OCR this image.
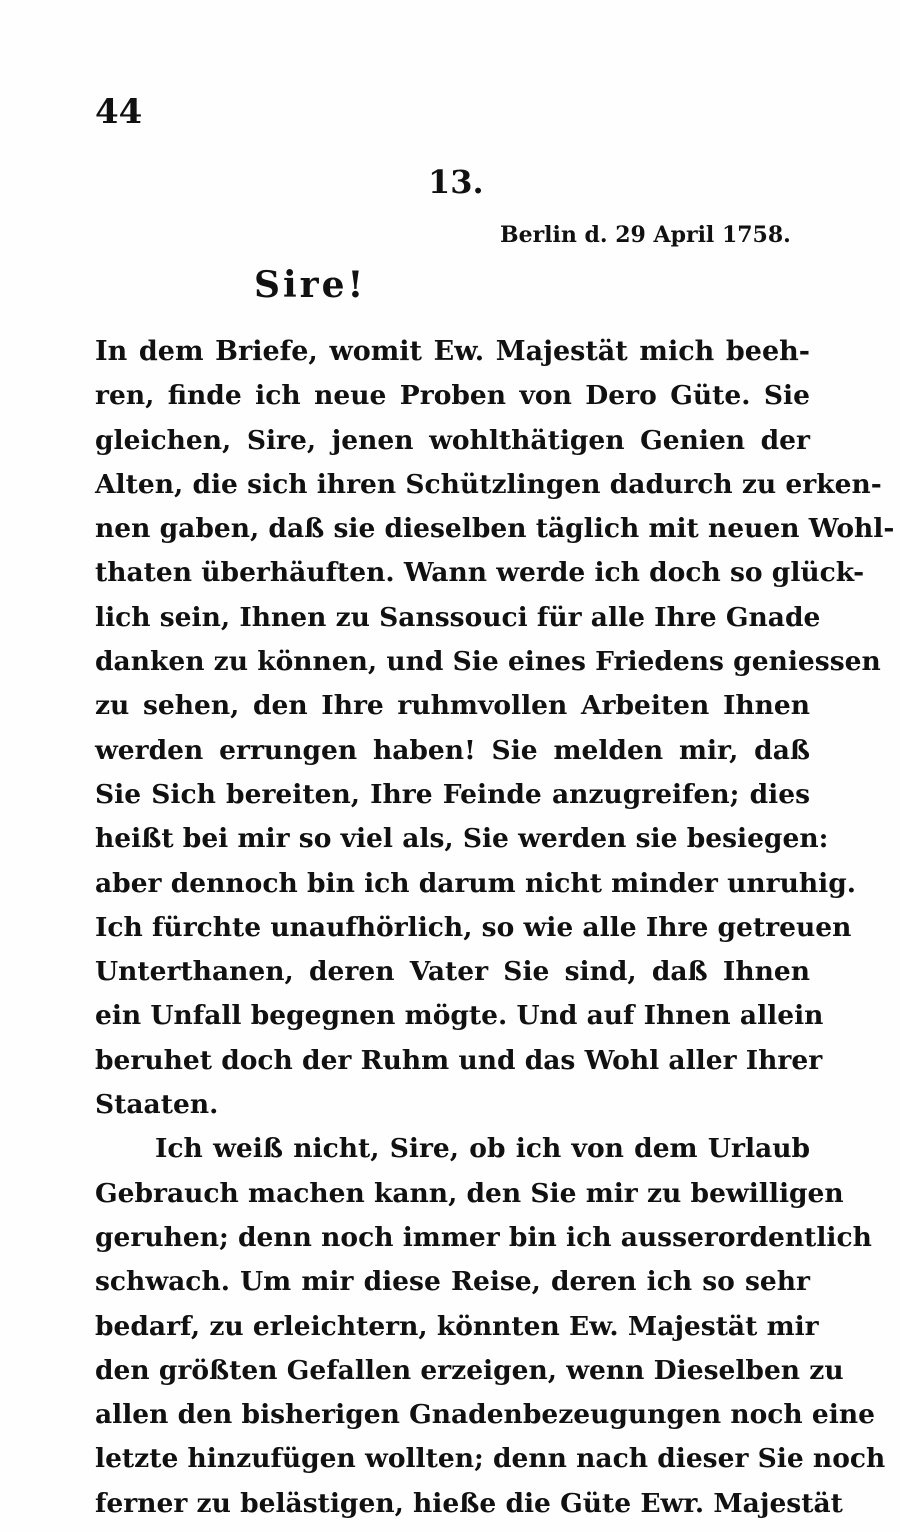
44
13.
Berlin d. 29 April 1758.
Sire!
In dem Briefe, womit Ew. Majestät mich beeh-
ren, finde ich neue Proben von Dero Güte. Sie
gleichen, Sire, jenen wohlthätigen Genien der
Alten, die sich ihren Schützlingen dadurch zu erken-
nen gaben, daß sie dieselben täglich mit neuen Wohl-
thaten überhäuften. Wann werde ich doch so glück-
lich sein, Ihnen zu Sanssouci für alle Ihre Gnade
danken zu können, und Sie eines Friedens geniessen
zu sehen, den Ihre ruhmvollen Arbeiten Ihnen
werden errungen haben! Sie melden mir, daß
Sie Sich bereiten, Ihre Feinde anzugreifen; dies
heißt bei mir so viel als, Sie werden sie besiegen:
aber dennoch bin ich darum nicht minder unruhig.
Ich fürchte unaufhörlich, so wie alle Ihre getreuen
Unterthanen, deren Vater Sie sind, daß Ihnen
ein Unfall begegnen mögte. Und auf Ihnen allein
beruhet doch der Ruhm und das Wohl aller Ihrer
Staaten.
Ich weiß nicht, Sire, ob ich von dem Urlaub
Gebrauch machen kann, den Sie mir zu bewilligen
geruhen; denn noch immer bin ich ausserordentlich
schwach. Um mir diese Reise, deren ich so sehr
bedarf, zu erleichtern, könnten Ew. Majestät mir
den größten Gefallen erzeigen, wenn Dieselben zu
allen den bisherigen Gnadenbezeugungen noch eine
letzte hinzufügen wollten; denn nach dieser Sie noch
ferner zu belästigen, hieße die Güte Ewr. Majestät
